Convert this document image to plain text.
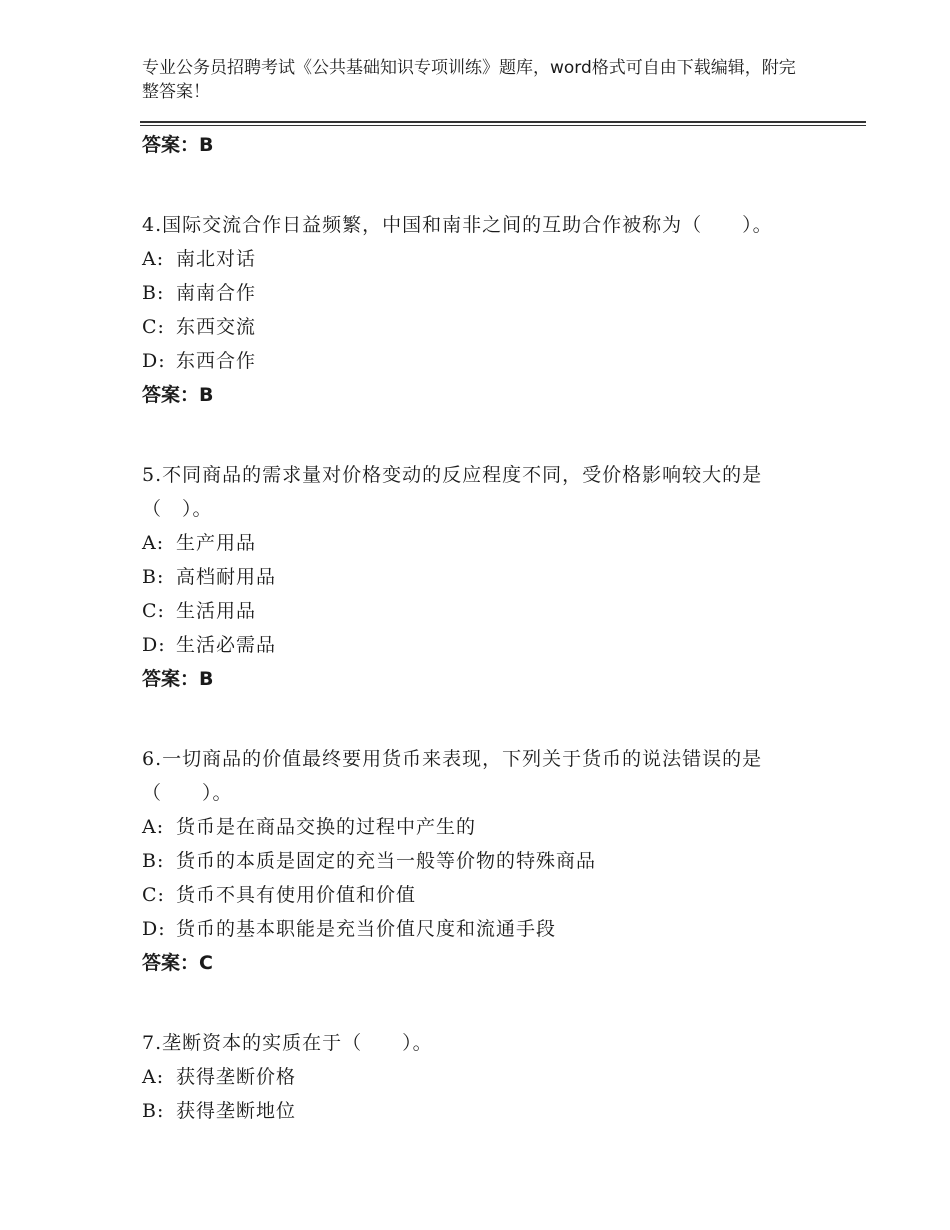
专业公务员招聘考试《公共基础知识专项训练》题库，word格式可自由下载编辑，附完整答案！
答案：B
4.国际交流合作日益频繁，中国和南非之间的互助合作被称为（　　）。
A: 南北对话
B: 南南合作
C: 东西交流
D: 东西合作
答案：B
5.不同商品的需求量对价格变动的反应程度不同，受价格影响较大的是（　）。
A: 生产用品
B: 高档耐用品
C: 生活用品
D: 生活必需品
答案：B
6.一切商品的价值最终要用货币来表现，下列关于货币的说法错误的是（　　）。
A: 货币是在商品交换的过程中产生的
B: 货币的本质是固定的充当一般等价物的特殊商品
C: 货币不具有使用价值和价值
D: 货币的基本职能是充当价值尺度和流通手段
答案：C
7.垄断资本的实质在于（　　）。
A: 获得垄断价格
B: 获得垄断地位
